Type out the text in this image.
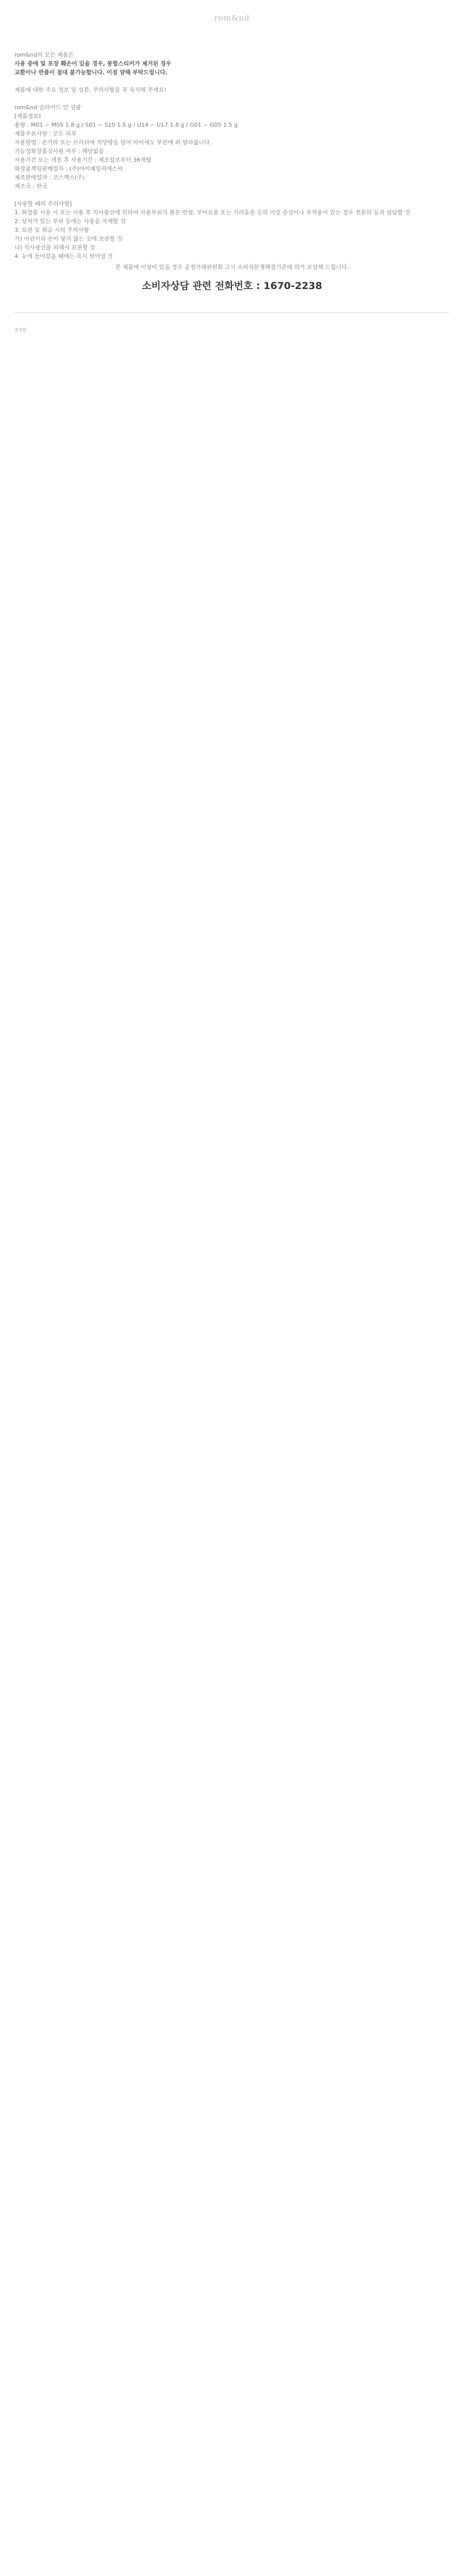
rom&nd

rom&nd의 모든 제품은

사용 중에 및 포장 훼손이 있을 경우, 봉합스티커가 제거된 경우

교환이나 반품이 절대 불가능합니다. 이점 양해 부탁드립니다.

제품에 대한 주요 정보 및 성분, 주의사항을 꼭 숙지해 주세요!

rom&nd 슬라이드 인 섬광

[제품정보]

용량 : M01 ~ M05 1.8 g / S01 ~ S10 1.5 g / U14 ~ U17 1.8 g / G01 ~ G05 1.5 g

제품주요사양 : 모든 피부

사용방법 : 손가락 또는 브러쉬에 적당량을 덜어 아이섀도 부분에 펴 발라줍니다.

기능성화장품심사필 여부 : 해당없음

사용기간 또는 개봉 후 사용기간 : 제조일로부터 36개월

화장품책임판매업자 : (주)아이패밀리에스씨

제조판매업자 : 코스맥스(주)

제조국 : 한국

[사용할 때의 주의사항]

1. 화장품 사용 시 또는 사용 후 직사광선에 의하여 사용부위가 붉은 반점, 부어오름 또는 가려움증 등의 이상 증상이나 부작용이 있는 경우 전문의 등과 상담할 것

2. 상처가 있는 부위 등에는 사용을 자제할 것

3. 보관 및 취급 시의 주의사항

가) 어린이의 손이 닿지 않는 곳에 보관할 것

나) 직사광선을 피해서 보관할 것

4. 눈에 들어갔을 때에는 즉시 씻어낼 것

본 제품에 이상이 있을 경우 공정거래위원회 고시 소비자분쟁해결기준에 의거 보상해 드립니다.
소비자상담 관련 전화번호 : 1670-2238
전성분
